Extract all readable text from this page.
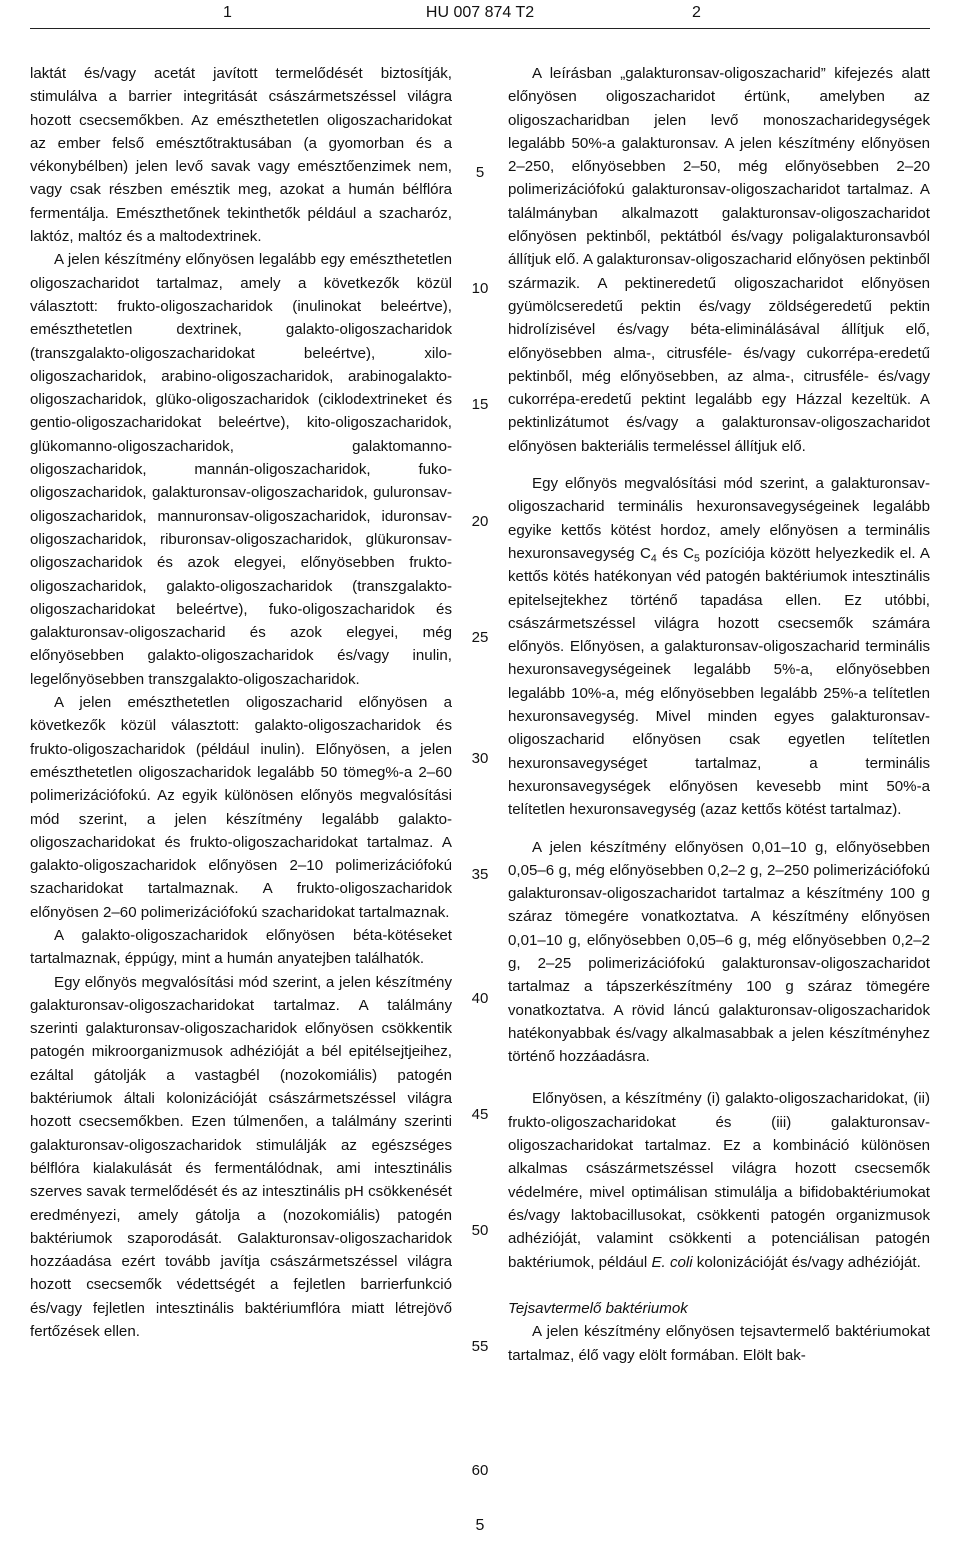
1	HU 007 874 T2	2

laktát és/vagy acetát javított termelődését biztosítják, stimulálva a barrier integritását császármetszéssel világra hozott csecsemőkben. Az emészthetetlen oligoszacharidokat az ember felső emésztőtraktusában (a gyomorban és a vékonybélben) jelen levő savak vagy emésztőenzimek nem, vagy csak részben emésztik meg, azokat a humán bélflóra fermentálja. Emészthetőnek tekinthetők például a szacharóz, laktóz, maltóz és a maltodextrinek.

A jelen készítmény előnyösen legalább egy emészthetetlen oligoszacharidot tartalmaz, amely a következők közül választott: frukto-oligoszacharidok (inulinokat beleértve), emészthetetlen dextrinek, galakto-oligoszacharidok (transzgalakto-oligoszacharidokat beleértve), xilo-oligoszacharidok, arabino-oligoszacharidok, arabinogalakto-oligoszacharidok, glüko-oligoszacharidok (ciklodextrineket és gentio-oligoszacharidokat beleértve), kito-oligoszacharidok, glükomanno-oligoszacharidok, galaktomanno-oligoszacharidok, mannán-oligoszacharidok, fuko-oligoszacharidok, galakturonsav-oligoszacharidok, guluronsav-oligoszacharidok, mannuronsav-oligoszacharidok, iduronsav-oligoszacharidok, riburonsav-oligoszacharidok, glükuronsav-oligoszacharidok és azok elegyei, előnyösebben frukto-oligoszacharidok, galakto-oligoszacharidok (transzgalakto-oligoszacharidokat beleértve), fuko-oligoszacharidok és galakturonsav-oligoszacharid és azok elegyei, még előnyösebben galakto-oligoszacharidok és/vagy inulin, legelőnyösebben transzgalakto-oligoszacharidok.

A jelen emészthetetlen oligoszacharid előnyösen a következők közül választott: galakto-oligoszacharidok és frukto-oligoszacharidok (például inulin). Előnyösen, a jelen emészthetetlen oligoszacharidok legalább 50 tömeg%-a 2–60 polimerizációfokú. Az egyik különösen előnyös megvalósítási mód szerint, a jelen készítmény legalább galakto-oligoszacharidokat és frukto-oligoszacharidokat tartalmaz. A galakto-oligoszacharidok előnyösen 2–10 polimerizációfokú szacharidokat tartalmaznak. A frukto-oligoszacharidok előnyösen 2–60 polimerizációfokú szacharidokat tartalmaznak.

A galakto-oligoszacharidok előnyösen béta-kötéseket tartalmaznak, éppúgy, mint a humán anyatejben találhatók.

Egy előnyös megvalósítási mód szerint, a jelen készítmény galakturonsav-oligoszacharidokat tartalmaz. A találmány szerinti galakturonsav-oligoszacharidok előnyösen csökkentik patogén mikroorganizmusok adhézióját a bél epitélsejtjeihez, ezáltal gátolják a vastagbél (nozokomiális) patogén baktériumok általi kolonizációját császármetszéssel világra hozott csecsemőkben. Ezen túlmenően, a találmány szerinti galakturonsav-oligoszacharidok stimulálják az egészséges bélflóra kialakulását és fermentálódnak, ami intesztinális szerves savak termelődését és az intesztinális pH csökkenését eredményezi, amely gátolja a (nozokomiális) patogén baktériumok szaporodását. Galakturonsav-oligoszacharidok hozzáadása ezért tovább javítja császármetszéssel világra hozott csecsemők védettségét a fejletlen barrierfunkció és/vagy fejletlen intesztinális baktériumflóra miatt létrejövő fertőzések ellen.

A leírásban „galakturonsav-oligoszacharid” kifejezés alatt előnyösen oligoszacharidot értünk, amelyben az oligoszacharidban jelen levő monoszacharidegységek legalább 50%-a galakturonsav. A jelen készítmény előnyösen 2–250, előnyösebben 2–50, még előnyösebben 2–20 polimerizációfokú galakturonsav-oligoszacharidot tartalmaz. A találmányban alkalmazott galakturonsav-oligoszacharidot előnyösen pektinből, pektátból és/vagy poligalakturonsavból állítjuk elő. A galakturonsav-oligoszacharid előnyösen pektinből származik. A pektineredetű oligoszacharidot előnyösen gyümölcseredetű pektin és/vagy zöldségeredetű pektin hidrolízisével és/vagy béta-eliminálásával állítjuk elő, előnyösebben alma-, citrusféle- és/vagy cukorrépa-eredetű pektinből, még előnyösebben, az alma-, citrusféle- és/vagy cukorrépa-eredetű pektint legalább egy Házzal kezeltük. A pektinlizátumot és/vagy a galakturonsav-oligoszacharidot előnyösen bakteriális termeléssel állítjuk elő.

Egy előnyös megvalósítási mód szerint, a galakturonsav-oligoszacharid terminális hexuronsavegységeinek legalább egyike kettős kötést hordoz, amely előnyösen a terminális hexuronsavegység $C_4$ és $C_5$ pozíciója között helyezkedik el. A kettős kötés hatékonyan véd patogén baktériumok intesztinális epitelsejtekhez történő tapadása ellen. Ez utóbbi, császármetszéssel világra hozott csecsemők számára előnyös. Előnyösen, a galakturonsav-oligoszacharid terminális hexuronsavegységeinek legalább 5%-a, előnyösebben legalább 10%-a, még előnyösebben legalább 25%-a telítetlen hexuronsavegység. Mivel minden egyes galakturonsav-oligoszacharid előnyösen csak egyetlen telítetlen hexuronsavegységet tartalmaz, a terminális hexuronsavegységek előnyösen kevesebb mint 50%-a telítetlen hexuronsavegység (azaz kettős kötést tartalmaz).

A jelen készítmény előnyösen 0,01–10 g, előnyösebben 0,05–6 g, még előnyösebben 0,2–2 g, 2–250 polimerizációfokú galakturonsav-oligoszacharidot tartalmaz a készítmény 100 g száraz tömegére vonatkoztatva. A készítmény előnyösen 0,01–10 g, előnyösebben 0,05–6 g, még előnyösebben 0,2–2 g, 2–25 polimerizációfokú galakturonsav-oligoszacharidot tartalmaz a tápszerkészítmény 100 g száraz tömegére vonatkoztatva. A rövid láncú galakturonsav-oligoszacharidok hatékonyabbak és/vagy alkalmasabbak a jelen készítményhez történő hozzáadásra.

Előnyösen, a készítmény (i) galakto-oligoszacharidokat, (ii) frukto-oligoszacharidokat és (iii) galakturonsav-oligoszacharidokat tartalmaz. Ez a kombináció különösen alkalmas császármetszéssel világra hozott csecsemők védelmére, mivel optimálisan stimulálja a bifidobaktériumokat és/vagy laktobacillusokat, csökkenti patogén organizmusok adhézióját, valamint csökkenti a potenciálisan patogén baktériumok, például E. coli kolonizációját és/vagy adhézióját.

Tejsavtermelő baktériumok

A jelen készítmény előnyösen tejsavtermelő baktériumokat tartalmaz, élő vagy elölt formában. Elölt bak-

5
10
15
20
25
30
35
40
45
50
55
60
5
